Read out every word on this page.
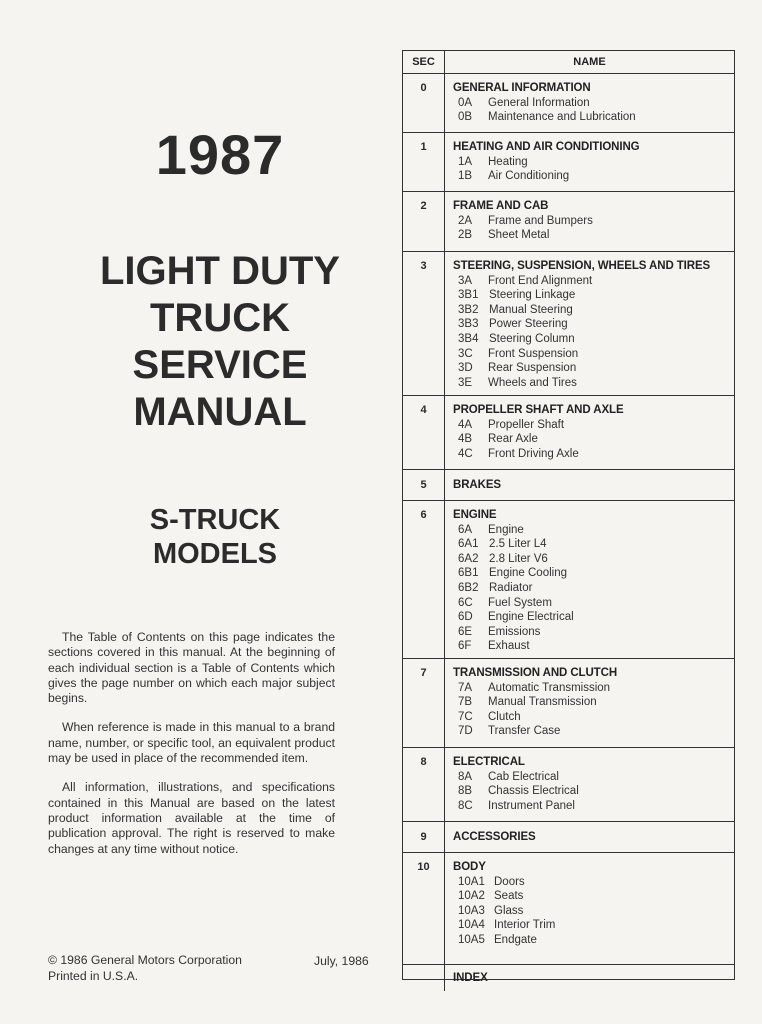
1987
LIGHT DUTY
TRUCK
SERVICE
MANUAL
S-TRUCK
MODELS

The Table of Contents on this page indicates the sections covered in this manual. At the beginning of each individual section is a Table of Contents which gives the page number on which each major subject begins.

When reference is made in this manual to a brand name, number, or specific tool, an equivalent product may be used in place of the recommended item.

All information, illustrations, and specifications contained in this Manual are based on the latest product information available at the time of publication approval. The right is reserved to make changes at any time without notice.

© 1986 General Motors Corporation
Printed in U.S.A.
July, 1986
SEC	NAME
0	GENERAL INFORMATION
0A	General Information
0B	Maintenance and Lubrication
1	HEATING AND AIR CONDITIONING
1A	Heating
1B	Air Conditioning
2	FRAME AND CAB
2A	Frame and Bumpers
2B	Sheet Metal
3	STEERING, SUSPENSION, WHEELS AND TIRES
3A	Front End Alignment
3B1 Steering Linkage
3B2 Manual Steering
3B3 Power Steering
3B4 Steering Column
3C	Front Suspension
3D	Rear Suspension
3E	Wheels and Tires
4	PROPELLER SHAFT AND AXLE
4A	Propeller Shaft
4B	Rear Axle
4C	Front Driving Axle
5	BRAKES
6	ENGINE
6A	Engine
6A1 2.5 Liter L4
6A2 2.8 Liter V6
6B1 Engine Cooling
6B2 Radiator
6C	Fuel System
6D	Engine Electrical
6E	Emissions
6F	Exhaust
7	TRANSMISSION AND CLUTCH
7A	Automatic Transmission
7B	Manual Transmission
7C	Clutch
7D	Transfer Case
8	ELECTRICAL
8A	Cab Electrical
8B	Chassis Electrical
8C	Instrument Panel
9	ACCESSORIES
10	BODY
10A1 Doors
10A2 Seats
10A3 Glass
10A4 Interior Trim
10A5 Endgate
INDEX
